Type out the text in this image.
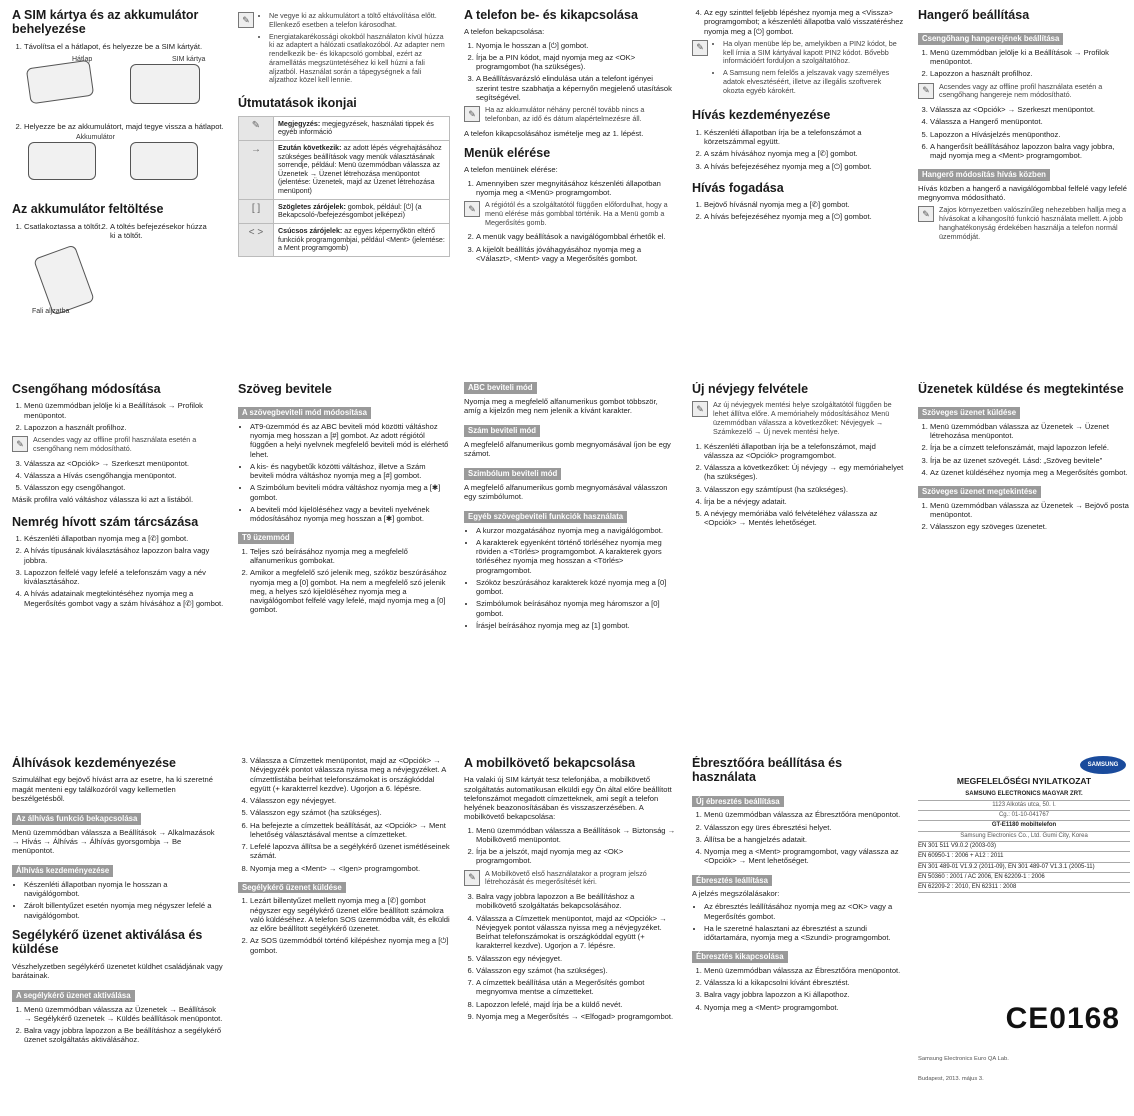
A SIM kártya és az akkumulátor behelyezése
1. Távolítsa el a hátlapot, és helyezze be a SIM kártyát.
Hátlap	SIM kártya
2. Helyezze be az akkumulátort, majd tegye vissza a hátlapot.
Akkumulátor
Az akkumulátor feltöltése
1. Csatlakoztassa a töltőt. 2. A töltés befejezésekor húzza ki a töltőt.
Fali aljzatba
✎	• Ne vegye ki az akkumulátort a töltő eltávolítása előtt. Ellenkező esetben a telefon károsodhat.
• Energiatakarékossági okokból használaton kívül húzza ki az adaptert a hálózati csatlakozóból. Az adapter nem rendelkezik be- és kikapcsoló gombbal, ezért az áramellátás megszüntetéséhez ki kell húzni a fali aljzatból. Használat során a tápegységnek a fali aljzathoz közel kell lennie.
Útmutatások ikonjai
✎	Megjegyzés: megjegyzések, használati tippek és egyéb információ
→	Ezután következik: az adott lépés végrehajtásához szükséges beállítások vagy menük választásának sorrendje, például: Menü üzemmódban válassza az Üzenetek → Üzenet létrehozása menüpontot (jelentése: Üzenetek, majd az Üzenet létrehozása menüpont)
[ ]	Szögletes zárójelek: gombok, például: [⏻] (a Bekapcsoló-/befejezésgombot jelképezi)
< >	Csúcsos zárójelek: az egyes képernyőkön eltérő funkciók programgombjai, például <Ment> (jelentése: a Ment programgomb)
A telefon be- és kikapcsolása

A telefon bekapcsolása:

1. Nyomja le hosszan a [⏻] gombot.
2. Írja be a PIN kódot, majd nyomja meg az <OK> programgombot (ha szükséges).
3. A Beállításvarázsló elindulása után a telefont igényei szerint testre szabhatja a képernyőn megjelenő utasítások segítségével.
✎	Ha az akkumulátor néhány percnél tovább nincs a telefonban, az idő és dátum alapértelmezésre áll.

A telefon kikapcsolásához ismételje meg az 1. lépést.

Menük elérése

A telefon menüinek elérése:

1. Amennyiben szer megnyitásához készenléti állapotban nyomja meg a <Menü> programgombot.
✎	A régiótól és a szolgáltatótól függően előfordulhat, hogy a menü elérése más gombbal történik. Ha a Menü gomb a Megerősítés gomb.
2. A menük vagy beállítások a navigálógombbal érhetők el.
3. A kijelölt beállítás jóváhagyásához nyomja meg a <Választ>, <Ment> vagy a Megerősítés gombot.
4. Az egy szinttel feljebb lépéshez nyomja meg a <Vissza> programgombot; a készenléti állapotba való visszatéréshez nyomja meg a [⏻] gombot.
✎	• Ha olyan menübe lép be, amelyikben a PIN2 kódot, be kell írnia a SIM kártyával kapott PIN2 kódot. Bővebb információért forduljon a szolgáltatóhoz.
• A Samsung nem felelős a jelszavak vagy személyes adatok elvesztéséért, illetve az illegális szoftverek okozta egyéb károkért.
Hívás kezdeményezése
1. Készenléti állapotban írja be a telefonszámot a körzetszámmal együtt.
2. A szám hívásához nyomja meg a [✆] gombot.
3. A hívás befejezéséhez nyomja meg a [⏻] gombot.
Hívás fogadása
1. Bejövő hívásnál nyomja meg a [✆] gombot.
2. A hívás befejezéséhez nyomja meg a [⏻] gombot.
Hangerő beállítása
Csengőhang hangerejének beállítása
1. Menü üzemmódban jelölje ki a Beállítások → Profilok menüpontot.
2. Lapozzon a használt profilhoz.
✎	Acsendes vagy az offline profil használata esetén a csengőhang hangereje nem módosítható.
3. Válassza az <Opciók> → Szerkeszt menüpontot.
4. Válassza a Hangerő menüpontot.
5. Lapozzon a Hívásjelzés menüponthoz.
6. A hangerősít beállításához lapozzon balra vagy jobbra, majd nyomja meg a <Ment> programgombot.
Hangerő módosítás hívás közben

Hívás közben a hangerő a navigálógombbal felfelé vagy lefelé megnyomva módosítható.

✎	Zajos környezetben valószínűleg nehezebben hallja meg a hívásokat a kihangosító funkció használata mellett. A jobb hanghatékonyság érdekében használja a telefon normál üzemmódját.
Csengőhang módosítása
1. Menü üzemmódban jelölje ki a Beállítások → Profilok menüpontot.
2. Lapozzon a használt profilhoz.
✎	Acsendes vagy az offline profil használata esetén a csengőhang nem módosítható.
3. Válassza az <Opciók> → Szerkeszt menüpontot.
4. Válassza a Hívás csengőhangja menüpontot.
5. Válasszon egy csengőhangot.

Másik profilra való váltáshoz válassza ki azt a listából.

Nemrég hívott szám tárcsázása
1. Készenléti állapotban nyomja meg a [✆] gombot.
2. A hívás típusának kiválasztásához lapozzon balra vagy jobbra.
3. Lapozzon felfelé vagy lefelé a telefonszám vagy a név kiválasztásához.
4. A hívás adatainak megtekintéséhez nyomja meg a Megerősítés gombot vagy a szám hívásához a [✆] gombot.
Szöveg bevitele
A szövegbeviteli mód módosítása
• AT9-üzemmód és az ABC beviteli mód közötti váltáshoz nyomja meg hosszan a [#] gombot. Az adott régiótól függően a helyi nyelvnek megfelelő beviteli mód is elérhető lehet.
• A kis- és nagybetűk közötti váltáshoz, illetve a Szám beviteli módra váltáshoz nyomja meg a [#] gombot.
• A Szimbólum beviteli módra váltáshoz nyomja meg a [✱] gombot.
• A beviteli mód kijelöléséhez vagy a beviteli nyelvének módosításához nyomja meg hosszan a [✱] gombot.
T9 üzemmód
1. Teljes szó beírásához nyomja meg a megfelelő alfanumerikus gombokat.
2. Amikor a megfelelő szó jelenik meg, szóköz beszúrásához nyomja meg a [0] gombot. Ha nem a megfelelő szó jelenik meg, a helyes szó kijelöléséhez nyomja meg a navigálógombot felfelé vagy lefelé, majd nyomja meg a [0] gombot.
ABC beviteli mód

Nyomja meg a megfelelő alfanumerikus gombot többször, amíg a kijelzőn meg nem jelenik a kívánt karakter.

Szám beviteli mód

A megfelelő alfanumerikus gomb megnyomásával íjon be egy számot.

Szimbólum beviteli mód

A megfelelő alfanumerikus gomb megnyomásával válasszon egy szimbólumot.

Egyéb szövegbeviteli funkciók használata
• A kurzor mozgatásához nyomja meg a navigálógombot.
• A karakterek egyenként történő törléséhez nyomja meg röviden a <Törlés> programgombot. A karakterek gyors törléséhez nyomja meg hosszan a <Törlés> programgombot.
• Szóköz beszúrásához karakterek közé nyomja meg a [0] gombot.
• Szimbólumok beírásához nyomja meg háromszor a [0] gombot.
• Írásjel beírásához nyomja meg az [1] gombot.
Új névjegy felvétele
✎	Az új névjegyek mentési helye szolgáltatótól függően be lehet állítva előre. A memóriahely módosításához Menü üzemmódban válassza a következőket: Névjegyek → Számkezelő → Új nevek mentési helye.
1. Készenléti állapotban írja be a telefonszámot, majd válassza az <Opciók> programgombot.
2. Válassza a következőket: Új névjegy → egy memóriahelyet (ha szükséges).
3. Válasszon egy számtípust (ha szükséges).
4. Írja be a névjegy adatait.
5. A névjegy memóriába való felvételéhez válassza az <Opciók> → Mentés lehetőséget.
Üzenetek küldése és megtekintése
Szöveges üzenet küldése
1. Menü üzemmódban válassza az Üzenetek → Üzenet létrehozása menüpontot.
2. Írja be a címzett telefonszámát, majd lapozzon lefelé.
3. Írja be az üzenet szövegét. Lásd: „Szöveg bevitele”
4. Az üzenet küldéséhez nyomja meg a Megerősítés gombot.
Szöveges üzenet megtekintése
1. Menü üzemmódban válassza az Üzenetek → Bejövő posta menüpontot.
2. Válasszon egy szöveges üzenetet.
Álhívások kezdeményezése

Szimulálhat egy bejövő hívást arra az esetre, ha ki szeretné magát menteni egy találkozóról vagy kellemetlen beszélgetésből.

Az álhívás funkció bekapcsolása

Menü üzemmódban válassza a Beállítások → Alkalmazások → Hívás → Álhívás → Álhívás gyorsgombja → Be menüpontot.

Álhívás kezdeményezése
• Készenléti állapotban nyomja le hosszan a navigálógombot.
• Zárolt billentyűzet esetén nyomja meg négyszer lefelé a navigálógombot.
Segélykérő üzenet aktiválása és küldése

Vészhelyzetben segélykérő üzenetet küldhet családjának vagy barátainak.

A segélykérő üzenet aktiválása
1. Menü üzemmódban válassza az Üzenetek → Beállítások → Segélykérő üzenetek → Küldés beállítások menüpontot.
2. Balra vagy jobbra lapozzon a Be beállításhoz a segélykérő üzenet szolgáltatás aktiválásához.
3. Válassza a Címzettek menüpontot, majd az <Opciók> → Névjegyzék pontot válassza nyissa meg a névjegyzéket. A címzettlistába beírhat telefonszámokat is országkóddal együtt (+ karakterrel kezdve). Ugorjon a 6. lépésre.
4. Válasszon egy névjegyet.
5. Válasszon egy számot (ha szükséges).
6. Ha befejezte a címzettek beállítását, az <Opciók> → Ment lehetőség választásával mentse a címzetteket.
7. Lefelé lapozva állítsa be a segélykérő üzenet ismétléseinek számát.
8. Nyomja meg a <Ment> → <Igen> programgombot.
Segélykérő üzenet küldése
1. Lezárt billentyűzet mellett nyomja meg a [✆] gombot négyszer egy segélykérő üzenet előre beállított számokra való küldéséhez. A telefon SOS üzemmódba vált, és elküldi az előre beállított segélykérő üzenetet.
2. Az SOS üzemmódból történő kilépéshez nyomja meg a [⏻] gombot.
A mobilkövető bekapcsolása

Ha valaki új SIM kártyát tesz telefonjába, a mobilkövető szolgáltatás automatikusan elküldi egy Ön által előre beállított telefonszámot megadott címzetteknek, ami segít a telefon helyének beazonosításában és visszaszerzésében. A mobilkövető bekapcsolása:

1. Menü üzemmódban válassza a Beállítások → Biztonság → Mobilkövető menüpontot.
2. Írja be a jelszót, majd nyomja meg az <OK> programgombot.
✎	A Mobilkövető első használatakor a program jelszó létrehozását és megerősítését kéri.
3. Balra vagy jobbra lapozzon a Be beállításhoz a mobilkövető szolgáltatás bekapcsolásához.
4. Válassza a Címzettek menüpontot, majd az <Opciók> → Névjegyek pontot válassza nyissa meg a névjegyzéket. Beírhat telefonszámokat is országkóddal együtt (+ karakterrel kezdve). Ugorjon a 7. lépésre.
5. Válasszon egy névjegyet.
6. Válasszon egy számot (ha szükséges).
7. A címzettek beállítása után a Megerősítés gombot megnyomva mentse a címzetteket.
8. Lapozzon lefelé, majd írja be a küldő nevét.
9. Nyomja meg a Megerősítés → <Elfogad> programgombot.
Ébresztőóra beállítása és használata
Új ébresztés beállítása
1. Menü üzemmódban válassza az Ébresztőóra menüpontot.
2. Válasszon egy üres ébresztési helyet.
3. Állítsa be a hangjelzés adatait.
4. Nyomja meg a <Ment> programgombot, vagy válassza az <Opciók> → Ment lehetőséget.
Ébresztés leállítása

A jelzés megszólalásakor:

• Az ébresztés leállításához nyomja meg az <OK> vagy a Megerősítés gombot.
• Ha le szeretné halasztani az ébresztést a szundi időtartamára, nyomja meg a <Szundi> programgombot.
Ébresztés kikapcsolása
1. Menü üzemmódban válassza az Ébresztőóra menüpontot.
2. Válassza ki a kikapcsolni kívánt ébresztést.
3. Balra vagy jobbra lapozzon a Ki állapothoz.
4. Nyomja meg a <Ment> programgombot.
SAMSUNG
MEGFELELŐSÉGI NYILATKOZAT
SAMSUNG ELECTRONICS MAGYAR ZRT.
1123 Alkotás utca, 50. I.
Cg.: 01-10-041767
GT-E1180 mobiltelefon
Samsung Electronics Co., Ltd. Gumi City, Korea
EN 301 511 V9.0.2 (2003-03)
EN 60950-1 : 2006 + A12 : 2011
EN 301 489-01 V1.9.2 (2011-09), EN 301 489-07 V1.3.1 (2005-11)
EN 50360 : 2001 / AC 2006, EN 62209-1 : 2006
EN 62209-2 : 2010, EN 62311 : 2008
CE0168
Samsung Electronics Euro QA Lab.
Budapest, 2013. május 3.
